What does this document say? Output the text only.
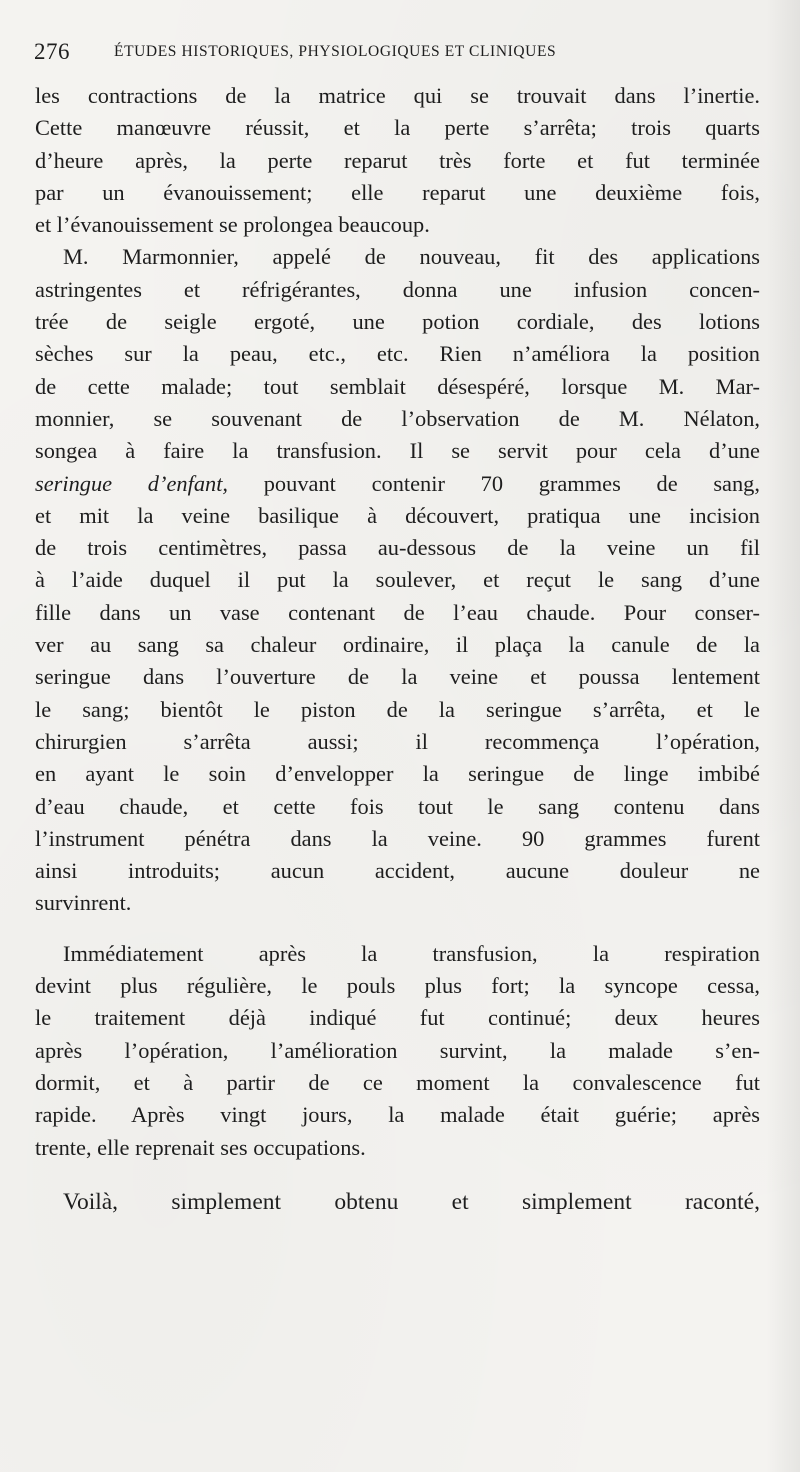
276	ÉTUDES HISTORIQUES, PHYSIOLOGIQUES ET CLINIQUES
les contractions de la matrice qui se trouvait dans l’inertie.
Cette manœuvre réussit, et la perte s’arrêta; trois quarts
d’heure après, la perte reparut très forte et fut terminée
par un évanouissement; elle reparut une deuxième fois,
et l’évanouissement se prolongea beaucoup.
M. Marmonnier, appelé de nouveau, fit des applications
astringentes et réfrigérantes, donna une infusion concen-
trée de seigle ergoté, une potion cordiale, des lotions
sèches sur la peau, etc., etc. Rien n’améliora la position
de cette malade; tout semblait désespéré, lorsque M. Mar-
monnier, se souvenant de l’observation de M. Nélaton,
songea à faire la transfusion. Il se servit pour cela d’une
seringue d’enfant, pouvant contenir 70 grammes de sang,
et mit la veine basilique à découvert, pratiqua une incision
de trois centimètres, passa au-dessous de la veine un fil
à l’aide duquel il put la soulever, et reçut le sang d’une
fille dans un vase contenant de l’eau chaude. Pour conser-
ver au sang sa chaleur ordinaire, il plaça la canule de la
seringue dans l’ouverture de la veine et poussa lentement
le sang; bientôt le piston de la seringue s’arrêta, et le
chirurgien s’arrêta aussi; il recommença l’opération,
en ayant le soin d’envelopper la seringue de linge imbibé
d’eau chaude, et cette fois tout le sang contenu dans
l’instrument pénétra dans la veine. 90 grammes furent
ainsi introduits; aucun accident, aucune douleur ne
survinrent.
Immédiatement après la transfusion, la respiration
devint plus régulière, le pouls plus fort; la syncope cessa,
le traitement déjà indiqué fut continué; deux heures
après l’opération, l’amélioration survint, la malade s’en-
dormit, et à partir de ce moment la convalescence fut
rapide. Après vingt jours, la malade était guérie; après
trente, elle reprenait ses occupations.
Voilà, simplement obtenu et simplement raconté,
